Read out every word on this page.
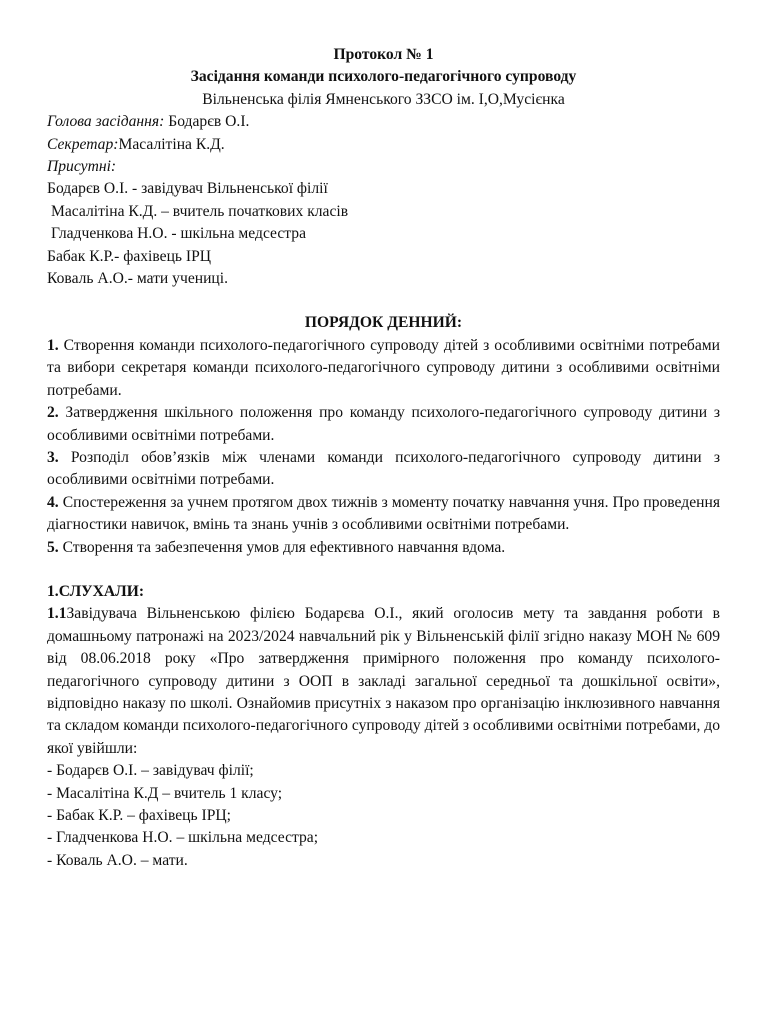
Протокол № 1

Засідання команди психолого-педагогічного супроводу

Вільненська філія Ямненського ЗЗСО ім. І,О,Мусієнка

Голова засідання: Бодарєв О.І.

Секретар:Масалітіна К.Д.

Присутні:

Бодарєв О.І. - завідувач Вільненської філії
Масалітіна К.Д. – вчитель початкових класів
Гладченкова Н.О. - шкільна медсестра
Бабак К.Р.- фахівець ІРЦ
Коваль А.О.- мати учениці.

ПОРЯДОК ДЕННИЙ:

1. Створення команди психолого-педагогічного супроводу дітей з особливими освітніми потребами та вибори секретаря команди психолого-педагогічного супроводу дитини з особливими освітніми потребами.

2. Затвердження шкільного положення про команду психолого-педагогічного супроводу дитини з особливими освітніми потребами.

3. Розподіл обов’язків між членами команди психолого-педагогічного супроводу дитини з особливими освітніми потребами.

4. Спостереження за учнем протягом двох тижнів з моменту початку навчання учня. Про проведення діагностики навичок, вмінь та знань учнів з особливими освітніми потребами.

5. Створення та забезпечення умов для ефективного навчання вдома.

1.СЛУХАЛИ:

1.1Завідувача Вільненською філією Бодарєва О.І., який оголосив мету та завдання роботи в домашньому патронажі на 2023/2024 навчальний рік у Вільненській філії згідно наказу МОН № 609 від 08.06.2018 року «Про затвердження примірного положення про команду психолого-педагогічного супроводу дитини з ООП в закладі загальної середньої та дошкільної освіти», відповідно наказу по школі. Ознайомив присутніх з наказом про організацію інклюзивного навчання та складом команди психолого-педагогічного супроводу дітей з особливими освітніми потребами, до якої увійшли:

- Бодарєв О.І. – завідувач філії;
- Масалітіна К.Д – вчитель 1 класу;
- Бабак К.Р. – фахівець ІРЦ;
- Гладченкова Н.О. – шкільна медсестра;
- Коваль А.О. – мати.
